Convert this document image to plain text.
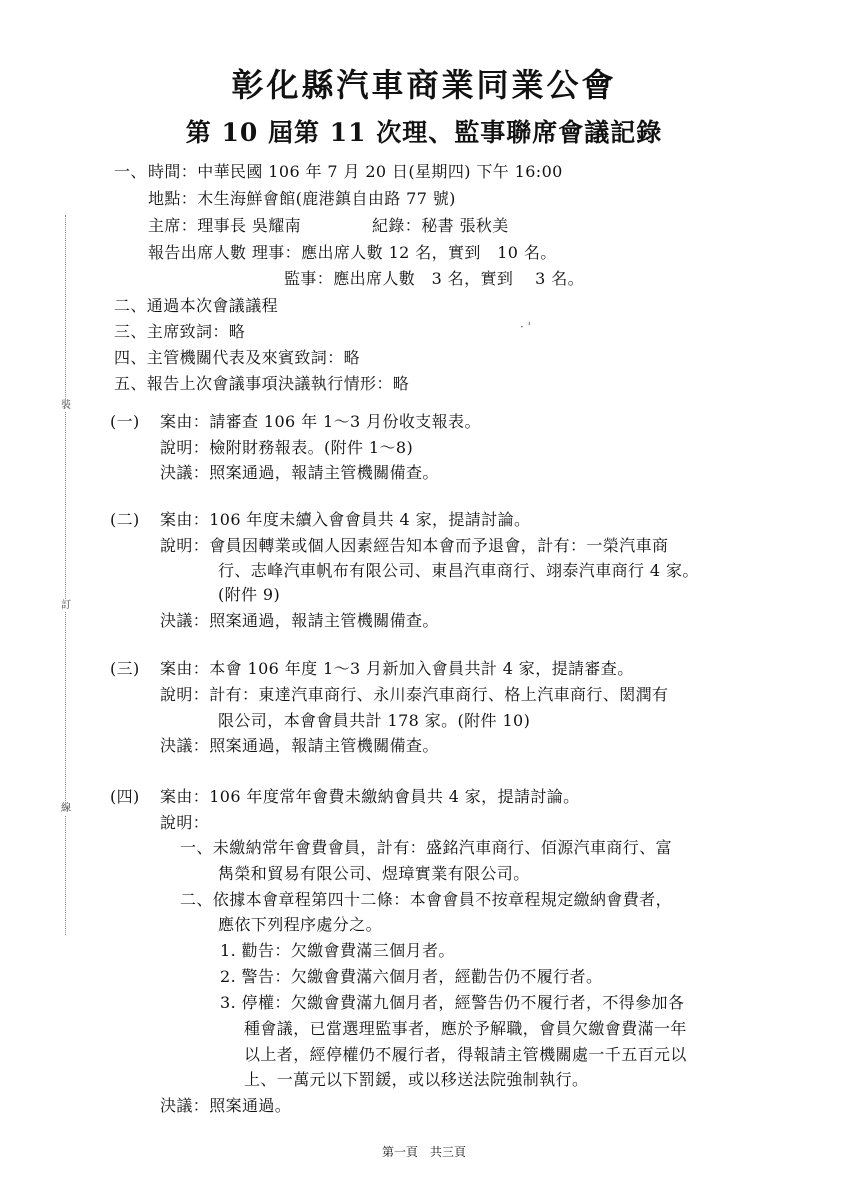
裝
訂
線
彰化縣汽車商業同業公會
第 10 屆第 11 次理、監事聯席會議記錄
一、 時間：中華民國 106 年 7 月 20 日(星期四) 下午 16:00
地點：木生海鮮會館(鹿港鎮自由路 77 號)
主席：理事長 吳耀南	紀錄：秘書 張秋美
報告出席人數 理事：應出席人數 12 名，實到　10 名。
監事：應出席人數　3 名，實到　 3 名。
二、通過本次會議議程
三、主席致詞：略
四、主管機關代表及來賓致詞：略
五、報告上次會議事項決議執行情形：略
· '
(一) 案由：請審查 106 年 1～3 月份收支報表。
說明：檢附財務報表。(附件 1～8)
決議：照案通過，報請主管機關備查。
(二) 案由：106 年度未續入會會員共 4 家，提請討論。
說明：會員因轉業或個人因素經告知本會而予退會，計有：一榮汽車商
行、志峰汽車帆布有限公司、東昌汽車商行、翊泰汽車商行 4 家。
(附件 9)
決議：照案通過，報請主管機關備查。
(三) 案由：本會 106 年度 1～3 月新加入會員共計 4 家，提請審查。
說明：計有：東達汽車商行、永川泰汽車商行、格上汽車商行、閎潤有
限公司，本會會員共計 178 家。(附件 10)
決議：照案通過，報請主管機關備查。
(四) 案由：106 年度常年會費未繳納會員共 4 家，提請討論。
說明：
一、未繳納常年會費會員，計有：盛銘汽車商行、佰源汽車商行、富
雋榮和貿易有限公司、煜璋實業有限公司。
二、依據本會章程第四十二條：本會會員不按章程規定繳納會費者，
應依下列程序處分之。
1. 勸告：欠繳會費滿三個月者。
2. 警告：欠繳會費滿六個月者，經勸告仍不履行者。
3. 停權：欠繳會費滿九個月者，經警告仍不履行者，不得參加各
種會議，已當選理監事者，應於予解職，會員欠繳會費滿一年
以上者，經停權仍不履行者，得報請主管機關處一千五百元以
上、一萬元以下罰鍰，或以移送法院強制執行。
決議：照案通過。
第一頁　共三頁
